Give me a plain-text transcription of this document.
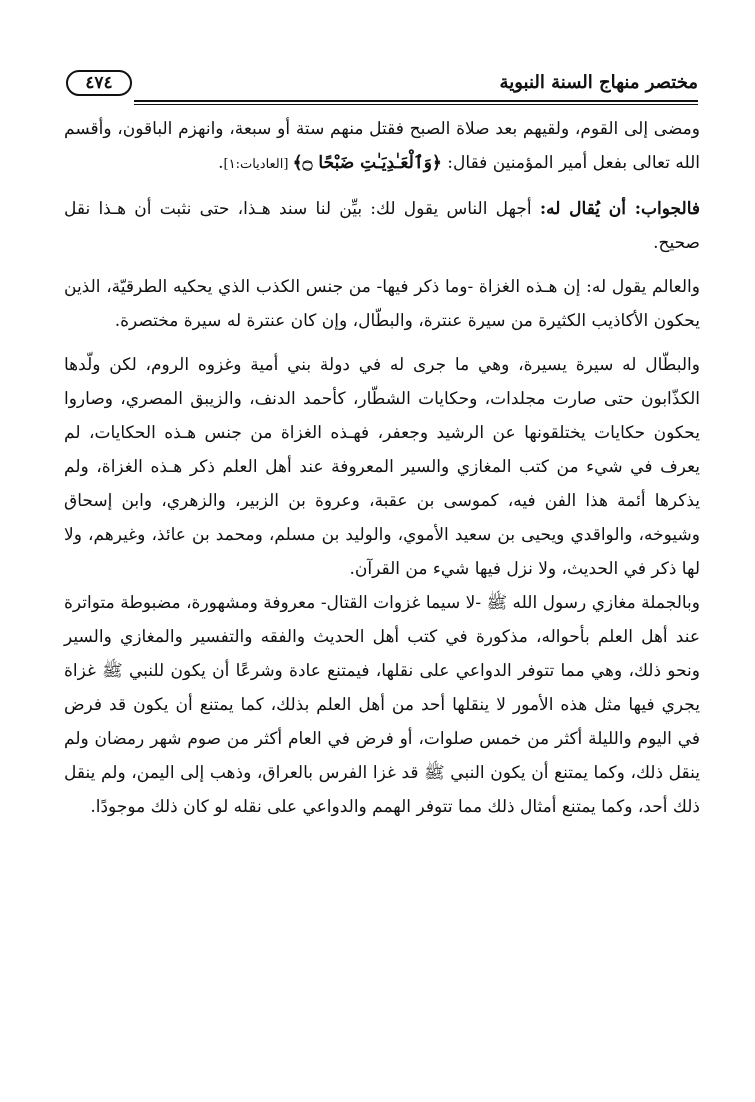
مختصر منهاج السنة النبوية
٤٧٤

ومضى إلى القوم، ولقيهم بعد صلاة الصبح فقتل منهم ستة أو سبعة، وانهزم الباقون، وأقسم الله تعالى بفعل أمير المؤمنين فقال: ﴿وَٱلْعَـٰدِيَـٰتِ ضَبْحًا ۝﴾ [العاديات:١].

فالجواب: أن يُقال له: أجهل الناس يقول لك: بيِّن لنا سند هـذا، حتى نثبت أن هـذا نقل صحيح.

والعالم يقول له: إن هـذه الغزاة -وما ذكر فيها- من جنس الكذب الذي يحكيه الطرقيّة، الذين يحكون الأكاذيب الكثيرة من سيرة عنترة، والبطّال، وإن كان عنترة له سيرة مختصرة.

والبطّال له سيرة يسيرة، وهي ما جرى له في دولة بني أمية وغزوه الروم، لكن ولّدها الكذّابون حتى صارت مجلدات، وحكايات الشطّار، كأحمد الدنف، والزيبق المصري، وصاروا يحكون حكايات يختلقونها عن الرشيد وجعفر، فهـذه الغزاة من جنس هـذه الحكايات، لم يعرف في شيء من كتب المغازي والسير المعروفة عند أهل العلم ذكر هـذه الغزاة، ولم يذكرها أئمة هذا الفن فيه، كموسى بن عقبة، وعروة بن الزبير، والزهري، وابن إسحاق وشيوخه، والواقدي ويحيى بن سعيد الأموي، والوليد بن مسلم، ومحمد بن عائذ، وغيرهم، ولا لها ذكر في الحديث، ولا نزل فيها شيء من القرآن.

وبالجملة مغازي رسول الله ﷺ -لا سيما غزوات القتال- معروفة ومشهورة، مضبوطة متواترة عند أهل العلم بأحواله، مذكورة في كتب أهل الحديث والفقه والتفسير والمغازي والسير ونحو ذلك، وهي مما تتوفر الدواعي على نقلها، فيمتنع عادة وشرعًا أن يكون للنبي ﷺ غزاة يجري فيها مثل هذه الأمور لا ينقلها أحد من أهل العلم بذلك، كما يمتنع أن يكون قد فرض في اليوم والليلة أكثر من خمس صلوات، أو فرض في العام أكثر من صوم شهر رمضان ولم ينقل ذلك، وكما يمتنع أن يكون النبي ﷺ قد غزا الفرس بالعراق، وذهب إلى اليمن، ولم ينقل ذلك أحد، وكما يمتنع أمثال ذلك مما تتوفر الهمم والدواعي على نقله لو كان ذلك موجودًا.
